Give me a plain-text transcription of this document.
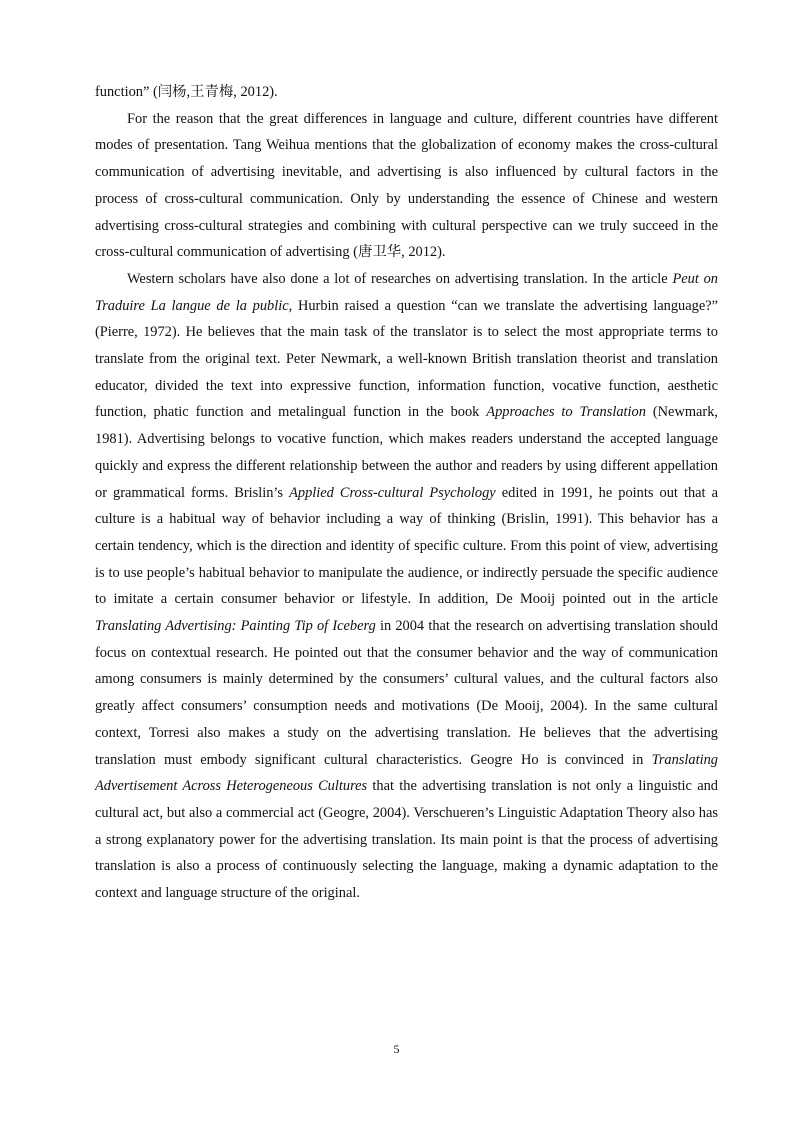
function” (闫杨,王青梅, 2012).

For the reason that the great differences in language and culture, different countries have different modes of presentation. Tang Weihua mentions that the globalization of economy makes the cross-cultural communication of advertising inevitable, and advertising is also influenced by cultural factors in the process of cross-cultural communication. Only by understanding the essence of Chinese and western advertising cross-cultural strategies and combining with cultural perspective can we truly succeed in the cross-cultural communication of advertising (唐卫华, 2012).

Western scholars have also done a lot of researches on advertising translation. In the article Peut on Traduire La langue de la public, Hurbin raised a question “can we translate the advertising language?” (Pierre, 1972). He believes that the main task of the translator is to select the most appropriate terms to translate from the original text. Peter Newmark, a well-known British translation theorist and translation educator, divided the text into expressive function, information function, vocative function, aesthetic function, phatic function and metalingual function in the book Approaches to Translation (Newmark, 1981). Advertising belongs to vocative function, which makes readers understand the accepted language quickly and express the different relationship between the author and readers by using different appellation or grammatical forms. Brislin’s Applied Cross-cultural Psychology edited in 1991, he points out that a culture is a habitual way of behavior including a way of thinking (Brislin, 1991). This behavior has a certain tendency, which is the direction and identity of specific culture. From this point of view, advertising is to use people’s habitual behavior to manipulate the audience, or indirectly persuade the specific audience to imitate a certain consumer behavior or lifestyle. In addition, De Mooij pointed out in the article Translating Advertising: Painting Tip of Iceberg in 2004 that the research on advertising translation should focus on contextual research. He pointed out that the consumer behavior and the way of communication among consumers is mainly determined by the consumers’ cultural values, and the cultural factors also greatly affect consumers’ consumption needs and motivations (De Mooij, 2004). In the same cultural context, Torresi also makes a study on the advertising translation. He believes that the advertising translation must embody significant cultural characteristics. Geogre Ho is convinced in Translating Advertisement Across Heterogeneous Cultures that the advertising translation is not only a linguistic and cultural act, but also a commercial act (Geogre, 2004). Verschueren’s Linguistic Adaptation Theory also has a strong explanatory power for the advertising translation. Its main point is that the process of advertising translation is also a process of continuously selecting the language, making a dynamic adaptation to the context and language structure of the original.

5
